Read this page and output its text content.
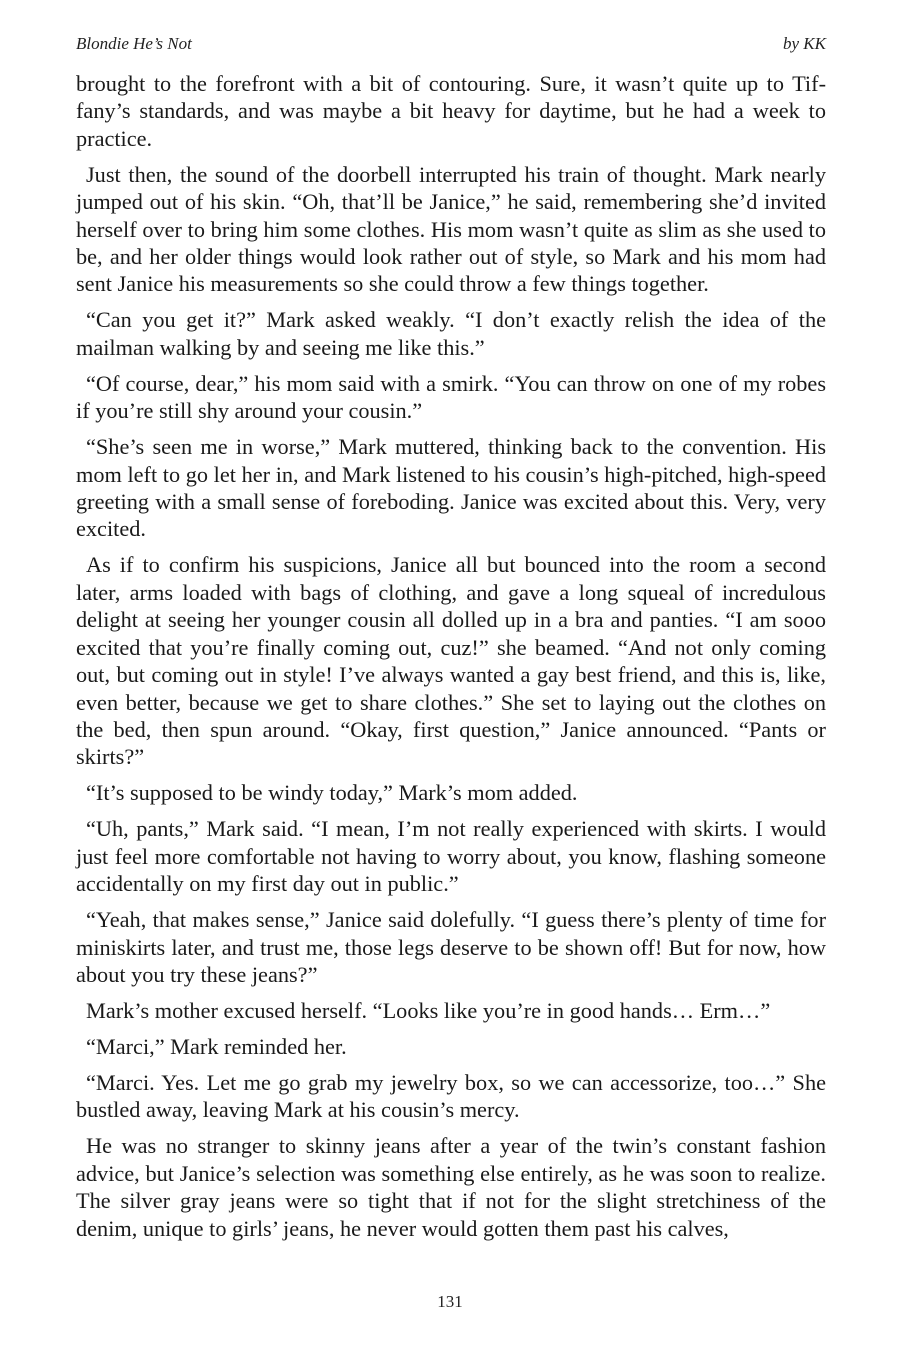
Blondie He’s Not	by KK

brought to the forefront with a bit of contouring. Sure, it wasn’t quite up to Tiffany’s standards, and was maybe a bit heavy for daytime, but he had a week to practice.

Just then, the sound of the doorbell interrupted his train of thought. Mark nearly jumped out of his skin. “Oh, that’ll be Janice,” he said, remembering she’d invited herself over to bring him some clothes. His mom wasn’t quite as slim as she used to be, and her older things would look rather out of style, so Mark and his mom had sent Janice his measurements so she could throw a few things together.

“Can you get it?” Mark asked weakly. “I don’t exactly relish the idea of the mailman walking by and seeing me like this.”

“Of course, dear,” his mom said with a smirk. “You can throw on one of my robes if you’re still shy around your cousin.”

“She’s seen me in worse,” Mark muttered, thinking back to the convention. His mom left to go let her in, and Mark listened to his cousin’s high-pitched, high-speed greeting with a small sense of foreboding. Janice was excited about this. Very, very excited.

As if to confirm his suspicions, Janice all but bounced into the room a second later, arms loaded with bags of clothing, and gave a long squeal of incredulous delight at seeing her younger cousin all dolled up in a bra and panties. “I am sooo excited that you’re finally coming out, cuz!” she beamed. “And not only coming out, but coming out in style! I’ve always wanted a gay best friend, and this is, like, even better, because we get to share clothes.” She set to laying out the clothes on the bed, then spun around. “Okay, first question,” Janice announced. “Pants or skirts?”

“It’s supposed to be windy today,” Mark’s mom added.

“Uh, pants,” Mark said. “I mean, I’m not really experienced with skirts. I would just feel more comfortable not having to worry about, you know, flashing someone accidentally on my first day out in public.”

“Yeah, that makes sense,” Janice said dolefully. “I guess there’s plenty of time for miniskirts later, and trust me, those legs deserve to be shown off! But for now, how about you try these jeans?”

Mark’s mother excused herself. “Looks like you’re in good hands… Erm…”

“Marci,” Mark reminded her.

“Marci. Yes. Let me go grab my jewelry box, so we can accessorize, too…” She bustled away, leaving Mark at his cousin’s mercy.

He was no stranger to skinny jeans after a year of the twin’s constant fashion advice, but Janice’s selection was something else entirely, as he was soon to realize. The silver gray jeans were so tight that if not for the slight stretchiness of the denim, unique to girls’ jeans, he never would gotten them past his calves,

131
